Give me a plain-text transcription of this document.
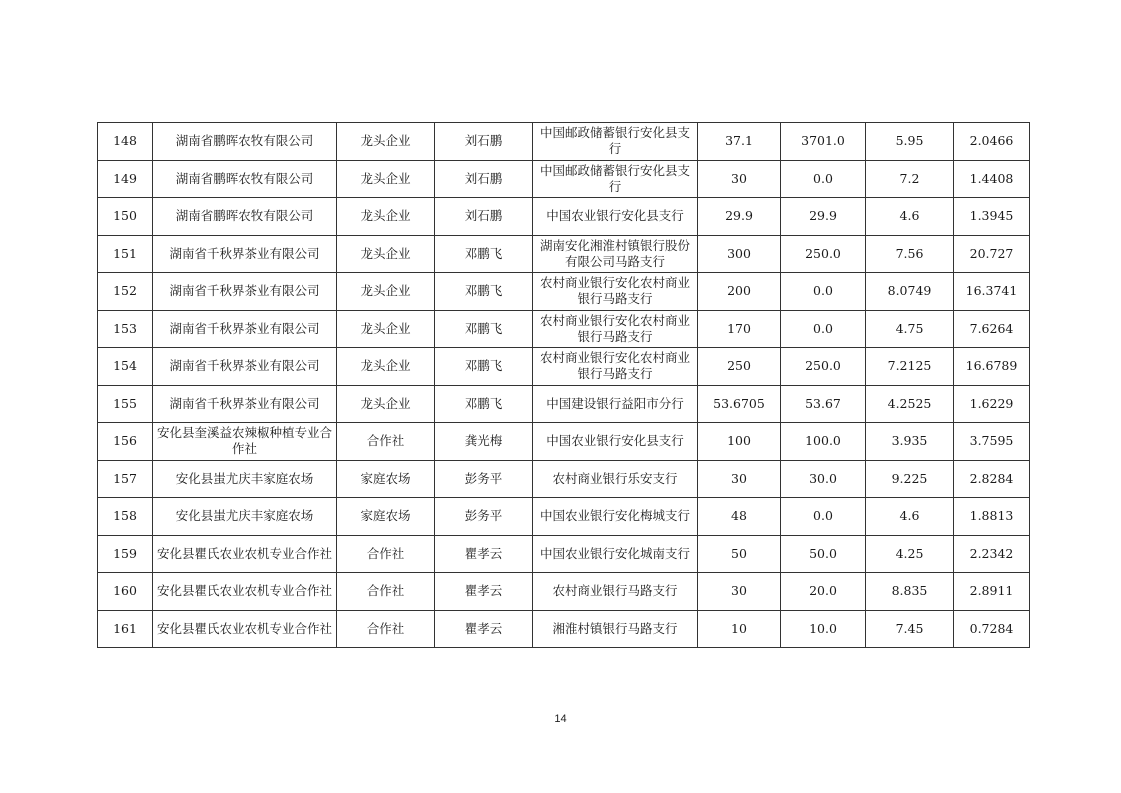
148	湖南省鹏晖农牧有限公司	龙头企业	刘石鹏	中国邮政储蓄银行安化县支行	37.1	3701.0	5.95	2.0466
149	湖南省鹏晖农牧有限公司	龙头企业	刘石鹏	中国邮政储蓄银行安化县支行	30	0.0	7.2	1.4408
150	湖南省鹏晖农牧有限公司	龙头企业	刘石鹏	中国农业银行安化县支行	29.9	29.9	4.6	1.3945
151	湖南省千秋界茶业有限公司	龙头企业	邓鹏飞	湖南安化湘淮村镇银行股份有限公司马路支行	300	250.0	7.56	20.727
152	湖南省千秋界茶业有限公司	龙头企业	邓鹏飞	农村商业银行安化农村商业银行马路支行	200	0.0	8.0749	16.3741
153	湖南省千秋界茶业有限公司	龙头企业	邓鹏飞	农村商业银行安化农村商业银行马路支行	170	0.0	4.75	7.6264
154	湖南省千秋界茶业有限公司	龙头企业	邓鹏飞	农村商业银行安化农村商业银行马路支行	250	250.0	7.2125	16.6789
155	湖南省千秋界茶业有限公司	龙头企业	邓鹏飞	中国建设银行益阳市分行	53.6705	53.67	4.2525	1.6229
156	安化县奎溪益农辣椒种植专业合作社	合作社	龚光梅	中国农业银行安化县支行	100	100.0	3.935	3.7595
157	安化县蚩尤庆丰家庭农场	家庭农场	彭务平	农村商业银行乐安支行	30	30.0	9.225	2.8284
158	安化县蚩尤庆丰家庭农场	家庭农场	彭务平	中国农业银行安化梅城支行	48	0.0	4.6	1.8813
159	安化县瞿氏农业农机专业合作社	合作社	瞿孝云	中国农业银行安化城南支行	50	50.0	4.25	2.2342
160	安化县瞿氏农业农机专业合作社	合作社	瞿孝云	农村商业银行马路支行	30	20.0	8.835	2.8911
161	安化县瞿氏农业农机专业合作社	合作社	瞿孝云	湘淮村镇银行马路支行	10	10.0	7.45	0.7284
14
